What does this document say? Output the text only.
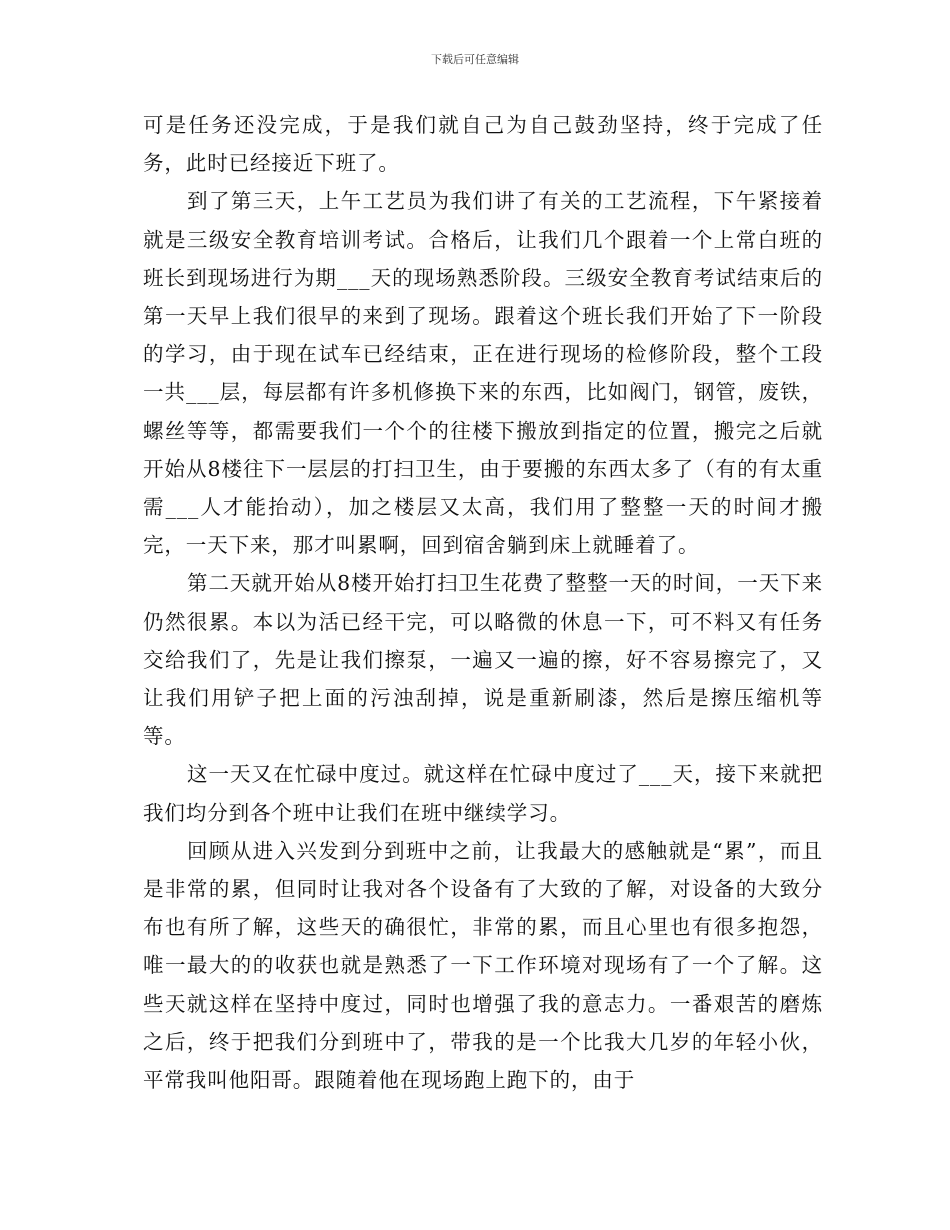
下载后可任意编辑

可是任务还没完成，于是我们就自己为自己鼓劲坚持，终于完成了任务，此时已经接近下班了。

到了第三天，上午工艺员为我们讲了有关的工艺流程，下午紧接着就是三级安全教育培训考试。合格后，让我们几个跟着一个上常白班的班长到现场进行为期___天的现场熟悉阶段。三级安全教育考试结束后的第一天早上我们很早的来到了现场。跟着这个班长我们开始了下一阶段的学习，由于现在试车已经结束，正在进行现场的检修阶段，整个工段一共___层，每层都有许多机修换下来的东西，比如阀门，钢管，废铁，螺丝等等，都需要我们一个个的往楼下搬放到指定的位置，搬完之后就开始从8楼往下一层层的打扫卫生，由于要搬的东西太多了（有的有太重需___人才能抬动），加之楼层又太高，我们用了整整一天的时间才搬完，一天下来，那才叫累啊，回到宿舍躺到床上就睡着了。

第二天就开始从8楼开始打扫卫生花费了整整一天的时间，一天下来仍然很累。本以为活已经干完，可以略微的休息一下，可不料又有任务交给我们了，先是让我们擦泵，一遍又一遍的擦，好不容易擦完了，又让我们用铲子把上面的污浊刮掉，说是重新刷漆，然后是擦压缩机等等。

这一天又在忙碌中度过。就这样在忙碌中度过了___天，接下来就把我们均分到各个班中让我们在班中继续学习。

回顾从进入兴发到分到班中之前，让我最大的感触就是“累”，而且是非常的累，但同时让我对各个设备有了大致的了解，对设备的大致分布也有所了解，这些天的确很忙，非常的累，而且心里也有很多抱怨，唯一最大的的收获也就是熟悉了一下工作环境对现场有了一个了解。这些天就这样在坚持中度过，同时也增强了我的意志力。一番艰苦的磨炼之后，终于把我们分到班中了，带我的是一个比我大几岁的年轻小伙，平常我叫他阳哥。跟随着他在现场跑上跑下的，由于
